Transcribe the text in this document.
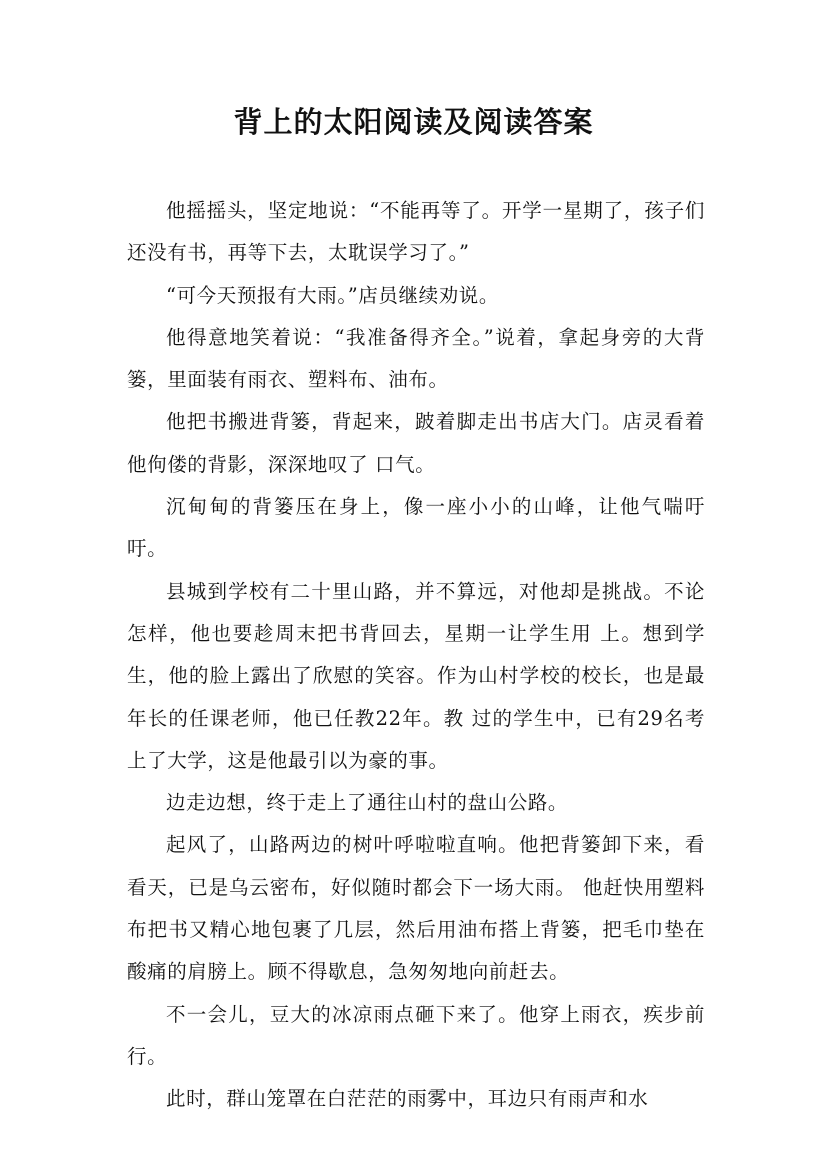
背上的太阳阅读及阅读答案

他摇摇头，坚定地说：“不能再等了。开学一星期了，孩子们还没有书，再等下去，太耽误学习了。”

“可今天预报有大雨。”店员继续劝说。

他得意地笑着说：“我准备得齐全。”说着，拿起身旁的大背篓，里面装有雨衣、塑料布、油布。

他把书搬进背篓，背起来，跛着脚走出书店大门。店灵看着他佝偻的背影，深深地叹了 口气。

沉甸甸的背篓压在身上，像一座小小的山峰，让他气喘吁吁。

县城到学校有二十里山路，并不算远，对他却是挑战。不论怎样，他也要趁周末把书背回去，星期一让学生用 上。想到学生，他的脸上露出了欣慰的笑容。作为山村学校的校长，也是最年长的任课老师，他已任教22年。教 过的学生中，已有29名考上了大学，这是他最引以为豪的事。

边走边想，终于走上了通往山村的盘山公路。

起风了，山路两边的树叶呼啦啦直响。他把背篓卸下来，看看天，已是乌云密布，好似随时都会下一场大雨。 他赶快用塑料布把书又精心地包裹了几层，然后用油布搭上背篓，把毛巾垫在酸痛的肩膀上。顾不得歇息，急匆匆地向前赶去。

不一会儿，豆大的冰凉雨点砸下来了。他穿上雨衣，疾步前行。

此时，群山笼罩在白茫茫的雨雾中，耳边只有雨声和水
